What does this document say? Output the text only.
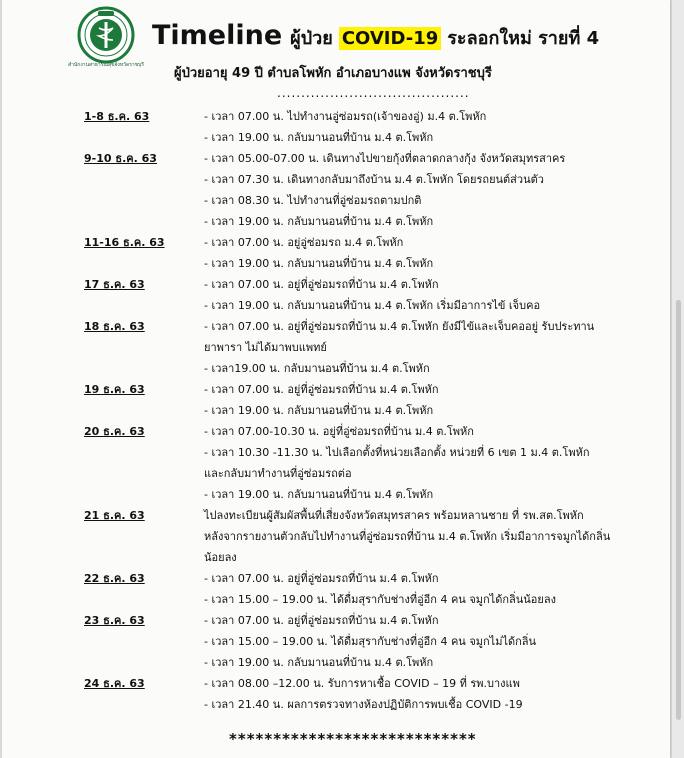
สำนักงานสาธารณสุขจังหวัดราชบุรี
Timeline ผู้ป่วย COVID-19 ระลอกใหม่ รายที่ 4
ผู้ป่วยอายุ 49 ปี ตำบลโพหัก อำเภอบางแพ จังหวัดราชบุรี
........................................
1-8 ธ.ค. 63	- เวลา 07.00 น. ไปทำงานอู่ซ่อมรถ(เจ้าของอู่) ม.4 ต.โพหัก
- เวลา 19.00 น. กลับมานอนที่บ้าน ม.4 ต.โพหัก
9-10 ธ.ค. 63	- เวลา 05.00-07.00 น. เดินทางไปขายกุ้งที่ตลาดกลางกุ้ง จังหวัดสมุทรสาคร
- เวลา 07.30 น. เดินทางกลับมาถึงบ้าน ม.4 ต.โพหัก โดยรถยนต์ส่วนตัว
- เวลา 08.30 น. ไปทำงานที่อู่ซ่อมรถตามปกติ
- เวลา 19.00 น. กลับมานอนที่บ้าน ม.4 ต.โพหัก
11-16 ธ.ค. 63	- เวลา 07.00 น. อยู่อู่ซ่อมรถ ม.4 ต.โพหัก
- เวลา 19.00 น. กลับมานอนที่บ้าน ม.4 ต.โพหัก
17 ธ.ค. 63	- เวลา 07.00 น. อยู่ที่อู่ซ่อมรถที่บ้าน ม.4 ต.โพหัก
- เวลา 19.00 น. กลับมานอนที่บ้าน ม.4 ต.โพหัก เริ่มมีอาการไข้ เจ็บคอ
18 ธ.ค. 63	- เวลา 07.00 น. อยู่ที่อู่ซ่อมรถที่บ้าน ม.4 ต.โพหัก ยังมีไข้และเจ็บคออยู่ รับประทาน
ยาพารา ไม่ได้มาพบแพทย์
- เวลา19.00 น. กลับมานอนที่บ้าน ม.4 ต.โพหัก
19 ธ.ค. 63	- เวลา 07.00 น. อยู่ที่อู่ซ่อมรถที่บ้าน ม.4 ต.โพหัก
- เวลา 19.00 น. กลับมานอนที่บ้าน ม.4 ต.โพหัก
20 ธ.ค. 63	- เวลา 07.00-10.30 น. อยู่ที่อู่ซ่อมรถที่บ้าน ม.4 ต.โพหัก
- เวลา 10.30 -11.30 น. ไปเลือกตั้งที่หน่วยเลือกตั้ง หน่วยที่ 6 เขต 1 ม.4 ต.โพหัก
และกลับมาทำงานที่อู่ซ่อมรถต่อ
- เวลา 19.00 น. กลับมานอนที่บ้าน ม.4 ต.โพหัก
21 ธ.ค. 63	ไปลงทะเบียนผู้สัมผัสพื้นที่เสี่ยงจังหวัดสมุทรสาคร พร้อมหลานชาย ที่ รพ.สต.โพหัก
หลังจากรายงานตัวกลับไปทำงานที่อู่ซ่อมรถที่บ้าน ม.4 ต.โพหัก เริ่มมีอาการจมูกได้กลิ่น
น้อยลง
22 ธ.ค. 63	- เวลา 07.00 น. อยู่ที่อู่ซ่อมรถที่บ้าน ม.4 ต.โพหัก
- เวลา 15.00 – 19.00 น. ได้ดื่มสุรากับช่างที่อู่อีก 4 คน จมูกได้กลิ่นน้อยลง
23 ธ.ค. 63	- เวลา 07.00 น. อยู่ที่อู่ซ่อมรถที่บ้าน ม.4 ต.โพหัก
- เวลา 15.00 – 19.00 น. ได้ดื่มสุรากับช่างที่อู่อีก 4 คน จมูกไม่ได้กลิ่น
- เวลา 19.00 น. กลับมานอนที่บ้าน ม.4 ต.โพหัก
24 ธ.ค. 63	- เวลา 08.00 –12.00 น. รับการหาเชื้อ COVID – 19 ที่ รพ.บางแพ
- เวลา 21.40 น. ผลการตรวจทางห้องปฏิบัติการพบเชื้อ COVID -19
****************************
